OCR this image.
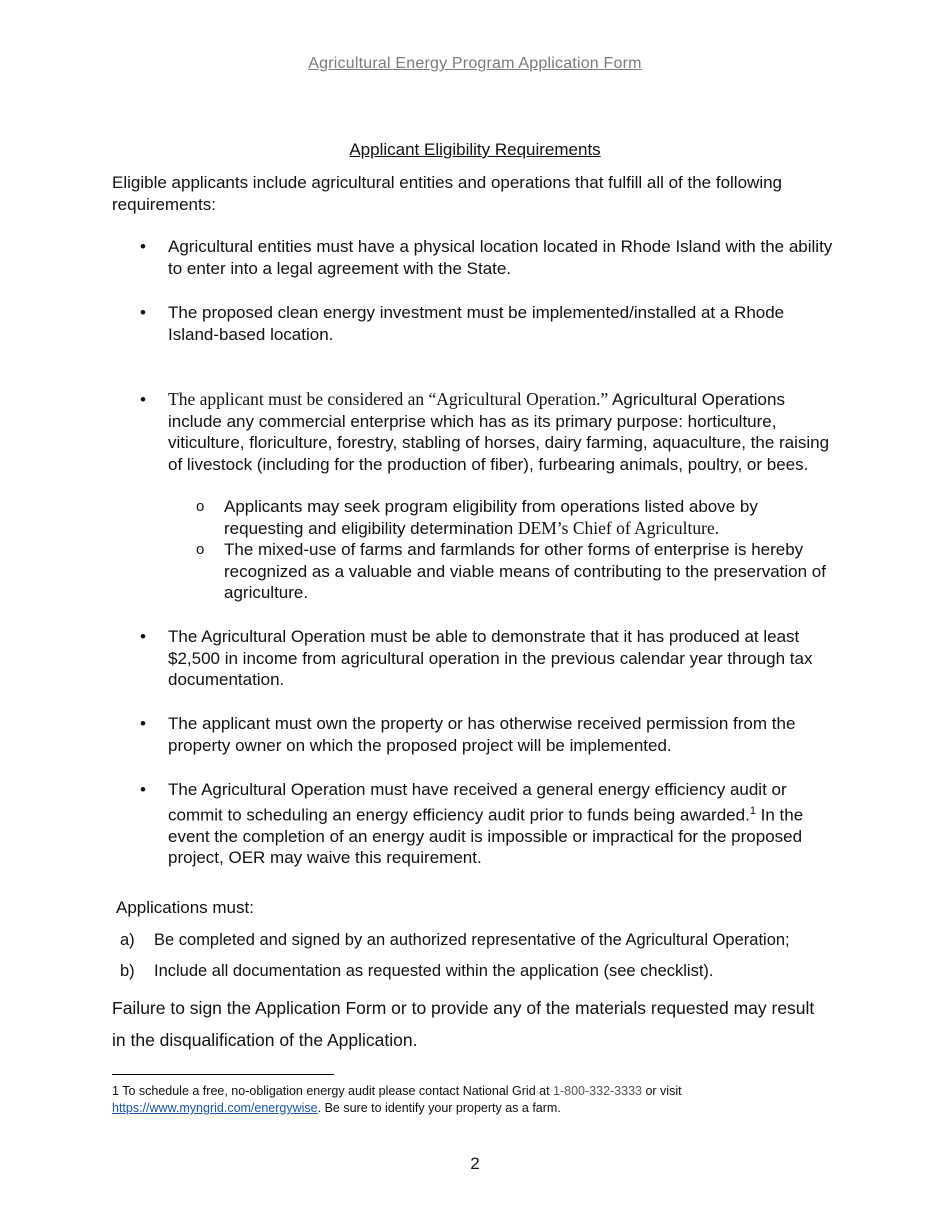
Agricultural Energy Program Application Form
Applicant Eligibility Requirements
Eligible applicants include agricultural entities and operations that fulfill all of the following requirements:
• Agricultural entities must have a physical location located in Rhode Island with the ability to enter into a legal agreement with the State.
• The proposed clean energy investment must be implemented/installed at a Rhode Island-based location.
• The applicant must be considered an “Agricultural Operation.” Agricultural Operations include any commercial enterprise which has as its primary purpose: horticulture, viticulture, floriculture, forestry, stabling of horses, dairy farming, aquaculture, the raising of livestock (including for the production of fiber), furbearing animals, poultry, or bees.
o Applicants may seek program eligibility from operations listed above by requesting and eligibility determination DEM’s Chief of Agriculture.
o The mixed-use of farms and farmlands for other forms of enterprise is hereby recognized as a valuable and viable means of contributing to the preservation of agriculture.
• The Agricultural Operation must be able to demonstrate that it has produced at least $2,500 in income from agricultural operation in the previous calendar year through tax documentation.
• The applicant must own the property or has otherwise received permission from the property owner on which the proposed project will be implemented.
• The Agricultural Operation must have received a general energy efficiency audit or commit to scheduling an energy efficiency audit prior to funds being awarded.$^1$ In the event the completion of an energy audit is impossible or impractical for the proposed project, OER may waive this requirement.
Applications must:
a) Be completed and signed by an authorized representative of the Agricultural Operation;
b) Include all documentation as requested within the application (see checklist).
Failure to sign the Application Form or to provide any of the materials requested may result in the disqualification of the Application.
1 To schedule a free, no-obligation energy audit please contact National Grid at 1-800-332-3333 or visit https://www.myngrid.com/energywise. Be sure to identify your property as a farm.
2
